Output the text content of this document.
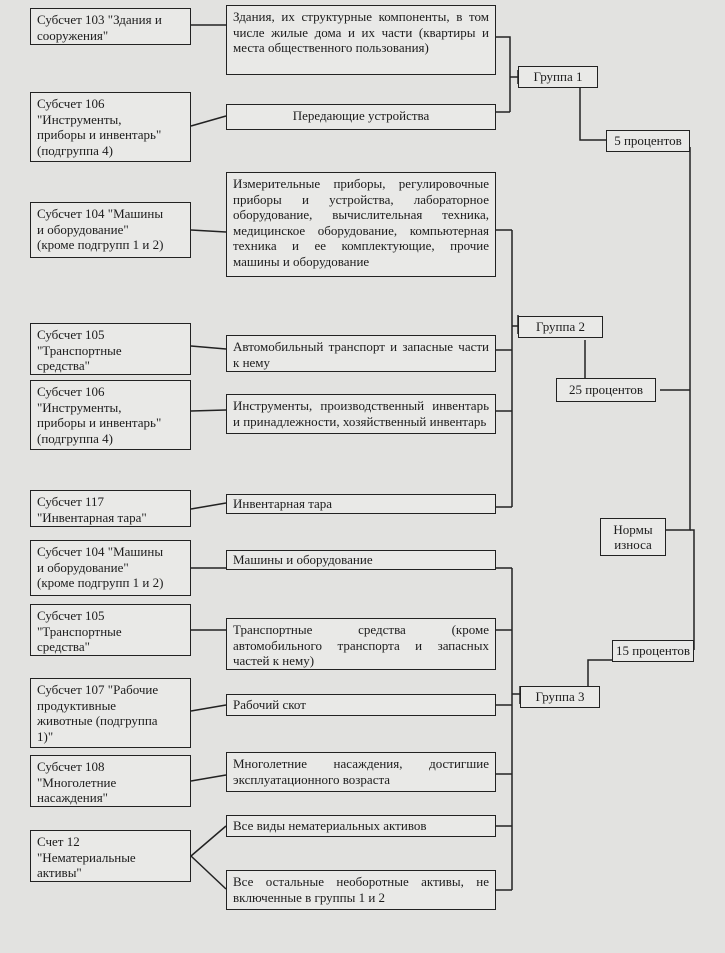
Субсчет 103 "Здания и
сооружения"
Субсчет 106
"Инструменты,
приборы и инвентарь"
(подгруппа 4)
Субсчет 104 "Машины
и оборудование"
(кроме подгрупп 1 и 2)
Субсчет 105
"Транспортные
средства"
Субсчет 106
"Инструменты,
приборы и инвентарь"
(подгруппа 4)
Субсчет 117
"Инвентарная тара"
Субсчет 104 "Машины
и оборудование"
(кроме подгрупп 1 и 2)
Субсчет 105
"Транспортные
средства"
Субсчет 107 "Рабочие
продуктивные
животные (подгруппа
1)"
Субсчет 108
"Многолетние
насаждения"
Счет 12
"Нематериальные
активы"
Здания, их структурные компоненты, в том числе жилые дома и их части (квартиры и места общественного пользования)
Передающие устройства
Измерительные приборы, регулировочные приборы и устройства, лабораторное оборудование, вычислительная техника, медицинское оборудование, компьютерная техника и ее комплектующие, прочие машины и оборудование
Автомобильный транспорт и запасные части к нему
Инструменты, производственный инвентарь и принадлежности, хозяйственный инвентарь
Инвентарная тара
Машины и оборудование
Транспортные средства (кроме автомобильного транспорта и запасных частей к нему)
Рабочий скот
Многолетние насаждения, достигшие эксплуатационного возраста
Все виды нематериальных активов
Все остальные необоротные активы, не включенные в группы 1 и 2
Группа 1
Группа 2
Группа 3
5 процентов
25 процентов
15 процентов
Нормы износа
